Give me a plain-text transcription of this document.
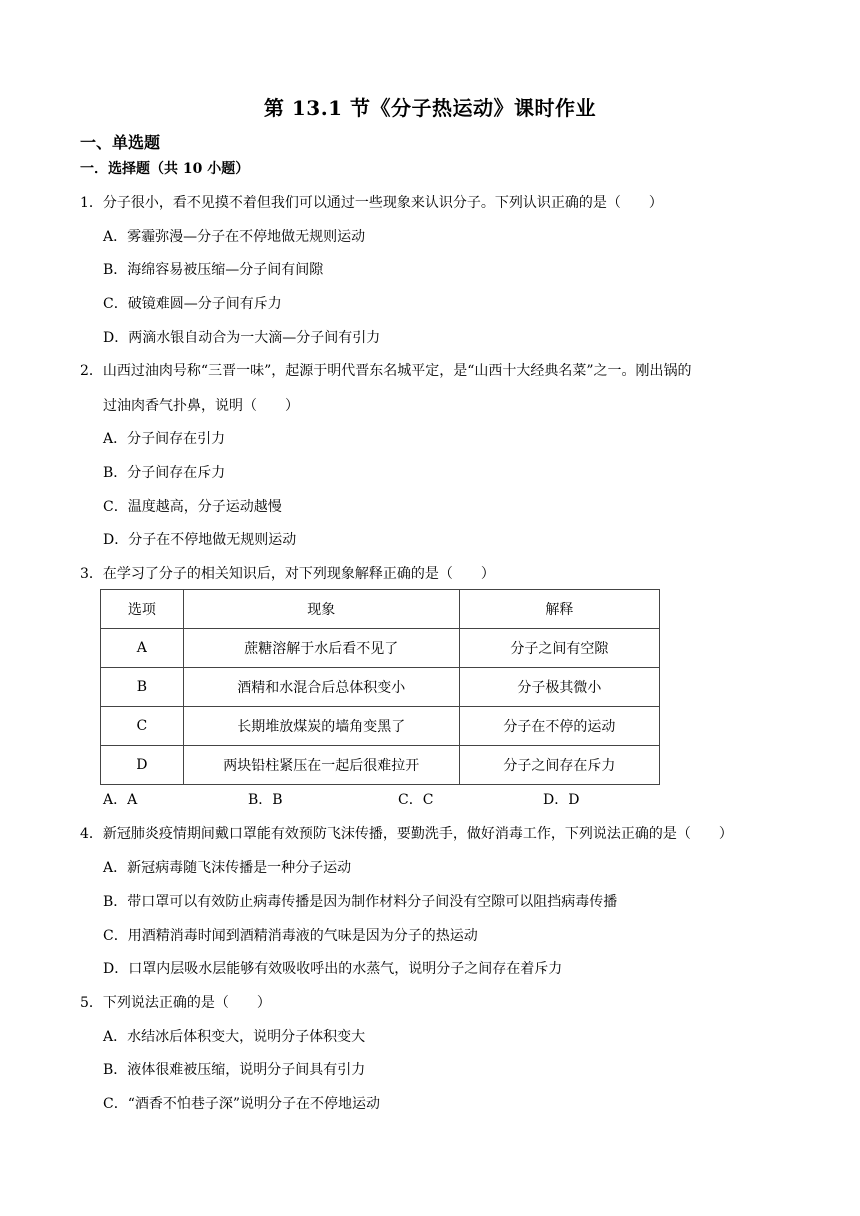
第 13.1 节《分子热运动》课时作业
一、单选题
一．选择题（共 10 小题）
1．分子很小，看不见摸不着但我们可以通过一些现象来认识分子。下列认识正确的是（　　）
A．雾霾弥漫—分子在不停地做无规则运动
B．海绵容易被压缩—分子间有间隙
C．破镜难圆—分子间有斥力
D．两滴水银自动合为一大滴—分子间有引力
2．山西过油肉号称“三晋一味”，起源于明代晋东名城平定，是“山西十大经典名菜”之一。刚出锅的
过油肉香气扑鼻，说明（　　）
A．分子间存在引力
B．分子间存在斥力
C．温度越高，分子运动越慢
D．分子在不停地做无规则运动
3．在学习了分子的相关知识后，对下列现象解释正确的是（　　）
选项	现象	解释
A	蔗糖溶解于水后看不见了	分子之间有空隙
B	酒精和水混合后总体积变小	分子极其微小
C	长期堆放煤炭的墙角变黑了	分子在不停的运动
D	两块铅柱紧压在一起后很难拉开	分子之间存在斥力
A．A	B．B	C．C	D．D
4．新冠肺炎疫情期间戴口罩能有效预防飞沫传播，要勤洗手，做好消毒工作，下列说法正确的是（　　）
A．新冠病毒随飞沫传播是一种分子运动
B．带口罩可以有效防止病毒传播是因为制作材料分子间没有空隙可以阻挡病毒传播
C．用酒精消毒时闻到酒精消毒液的气味是因为分子的热运动
D．口罩内层吸水层能够有效吸收呼出的水蒸气，说明分子之间存在着斥力
5．下列说法正确的是（　　）
A．水结冰后体积变大，说明分子体积变大
B．液体很难被压缩，说明分子间具有引力
C．“酒香不怕巷子深”说明分子在不停地运动
